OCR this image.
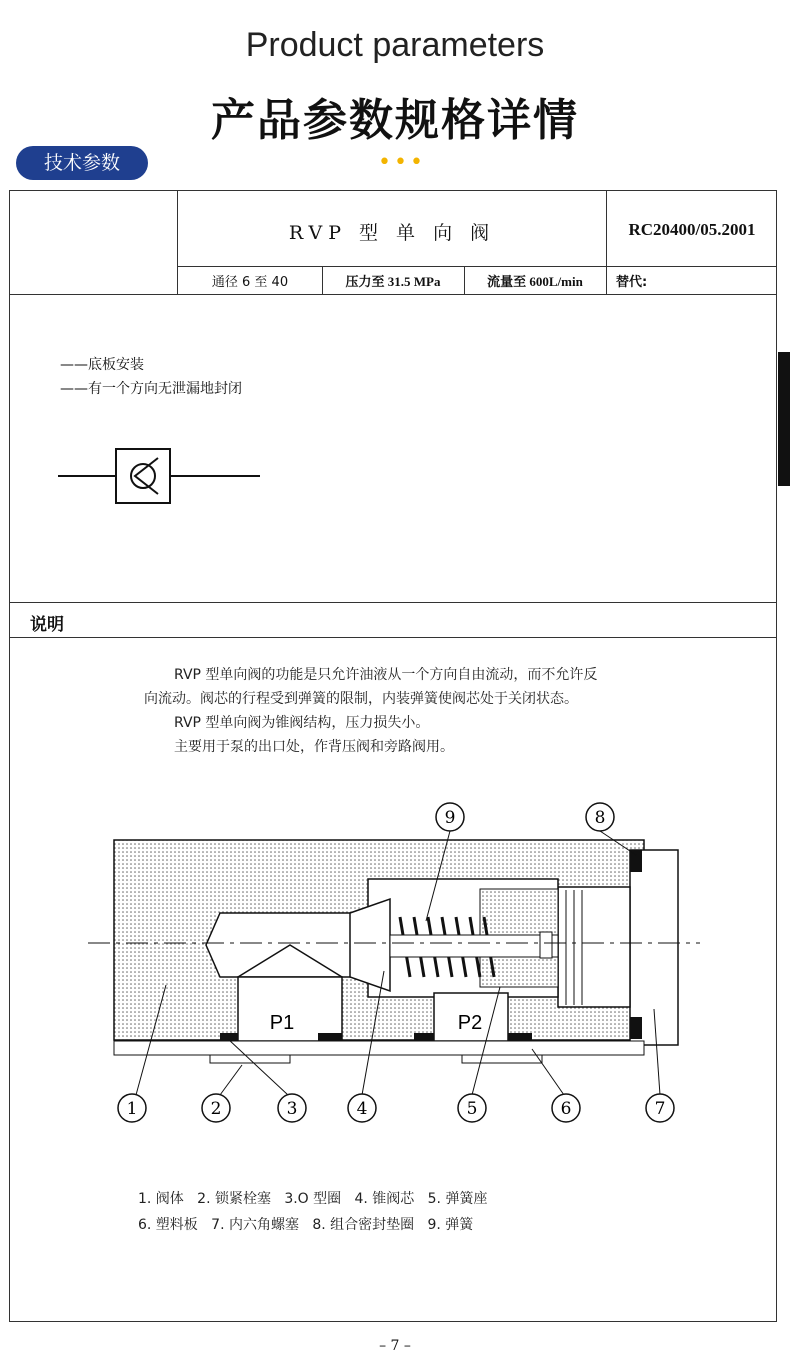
Product parameters
产品参数规格详情
技术参数	•••
RVP 型 单 向 阀	RC20400/05.2001
通径 6 至 40	压力至 31.5 MPa	流量至 600L/min	替代:
——底板安装
——有一个方向无泄漏地封闭
说明
RVP 型单向阀的功能是只允许油液从一个方向自由流动，而不允许反
向流动。阀芯的行程受到弹簧的限制，内装弹簧使阀芯处于关闭状态。
RVP 型单向阀为锥阀结构，压力损失小。
主要用于泵的出口处，作背压阀和旁路阀用。
P1	P2
1	2	3	4	5	6	7
8
9
1. 阀体   2. 锁紧栓塞   3.O 型圈   4. 锥阀芯   5. 弹簧座
6. 塑料板   7. 内六角螺塞   8. 组合密封垫圈   9. 弹簧
– 7 –
